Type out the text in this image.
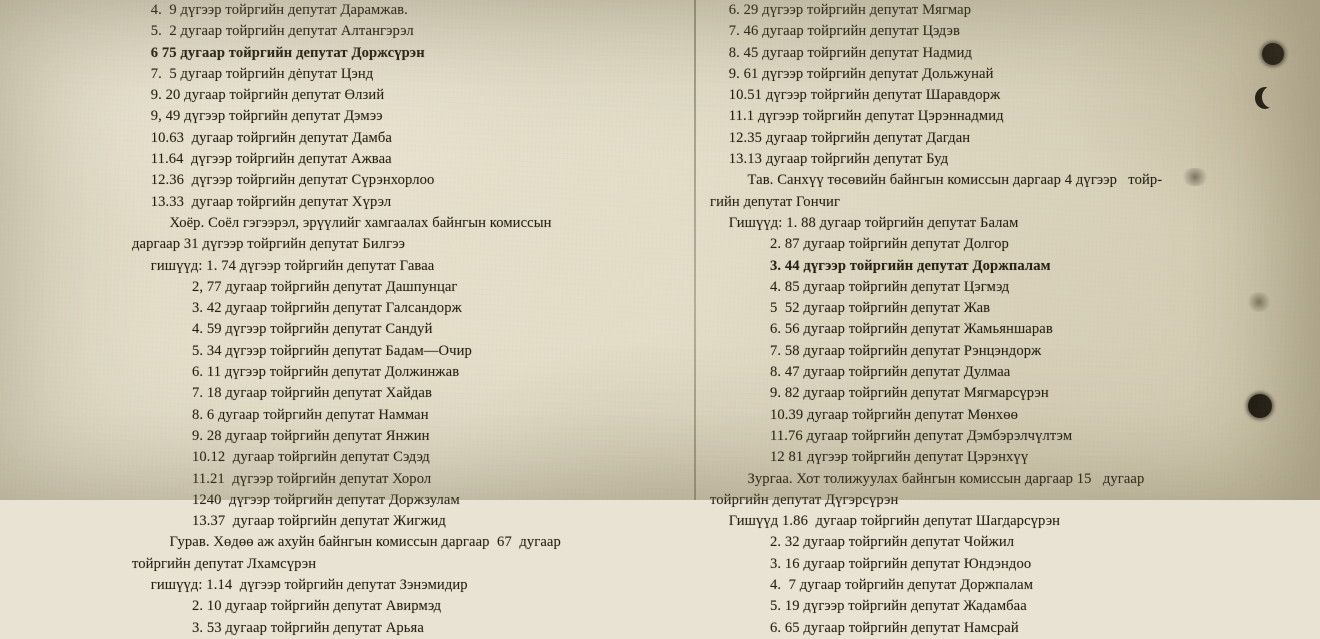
4.  9 дүгээр тойргийн депутат Дарамжав.
5.  2 дугаар тойргийн депутат Алтангэрэл
6 75 дугаар тойргийн депутат Доржсүрэн
7.  5 дугаар тойргийн дėпутат Цэнд
9. 20 дугаар тойргийн депутат Өлзий
9, 49 дүгээр тойргийн депутат Дэмээ
10.63  дугаар тойргийн депутат Дамба
11.64  дүгээр тойргийн депутат Ажваа
12.36  дүгээр тойргийн депутат Сүрэнхорлоо
13.33  дугаар тойргийн депутат Хүрэл
Хоёр. Соёл гэгээрэл, эрүүлийг хамгаалах байнгын комиссын
даргаар 31 дүгээр тойргийн депутат Билгээ
гишүүд: 1. 74 дүгээр тойргийн депутат Гаваа
2, 77 дугаар тойргийн депутат Дашпунцаг
3. 42 дугаар тойргийн депутат Галсандорж
4. 59 дүгээр тойргийн депутат Сандуй
5. 34 дүгээр тойргийн депутат Бадам—Очир
6. 11 дүгээр тойргийн депутат Должинжав
7. 18 дугаар тойргийн депутат Хайдав
8. 6 дугаар тойргийн депутат Намман
9. 28 дугаар тойргийн депутат Янжин
10.12  дугаар тойргийн депутат Сэдэд
11.21  дүгээр тойргийн депутат Хорол
1240  дүгээр тойргийн депутат Доржзулам
13.37  дугаар тойргийн депутат Жигжид
Гурав. Хөдөө аж ахуйн байнгын комиссын даргаар  67  дугаар
тойргийн депутат Лхамсүрэн
гишүүд: 1.14  дүгээр тойргийн депутат Зэнэмидир
2. 10 дугаар тойргийн депутат Авирмэд
3. 53 дугаар тойргийн депутат Арьяа
6. 29 дүгээр тойргийн депутат Мягмар
7. 46 дугаар тойргийн депутат Цэдэв
8. 45 дугаар тойргийн депутат Надмид
9. 61 дүгээр тойргийн депутат Дольжунай
10.51 дүгээр тойргийн депутат Шаравдорж
11.1 дүгээр тойргийн депутат Цэрэннадмид
12.35 дугаар тойргийн депутат Дагдан
13.13 дугаар тойргийн депутат Буд
Тав. Санхүү төсөвийн байнгын комиссын даргаар 4 дүгээр   тойр-
гийн депутат Гончиг
Гишүүд: 1. 88 дугаар тойргийн депутат Балам
2. 87 дугаар тойргийн депутат Долгор
3. 44 дүгээр тойргийн депутат Доржпалам
4. 85 дугаар тойргийн депутат Цэгмэд
5  52 дугаар тойргийн депутат Жав
6. 56 дугаар тойргийн депутат Жамьяншарав
7. 58 дугаар тойргийн депутат Рэнцэндорж
8. 47 дугаар тойргийн депутат Дулмаа
9. 82 дугаар тойргийн депутат Мягмарсүрэн
10.39 дугаар тойргийн депутат Мөнхөө
11.76 дугаар тойргийн депутат Дэмбэрэлчүлтэм
12 81 дүгээр тойргийн депутат Цэрэнхүү
Зургаа. Хот толижуулах байнгын комиссын даргаар 15   дугаар
тойргийн депутат Дүгэрсүрэн
Гишүүд 1.86  дугаар тойргийн депутат Шагдарсүрэн
2. 32 дугаар тойргийн депутат Чойжил
3. 16 дугаар тойргийн депутат Юндэндоо
4.  7 дугаар тойргийн депутат Доржпалам
5. 19 дүгээр тойргийн депутат Жадамбаа
6. 65 дугаар тойргийн депутат Намсрай
